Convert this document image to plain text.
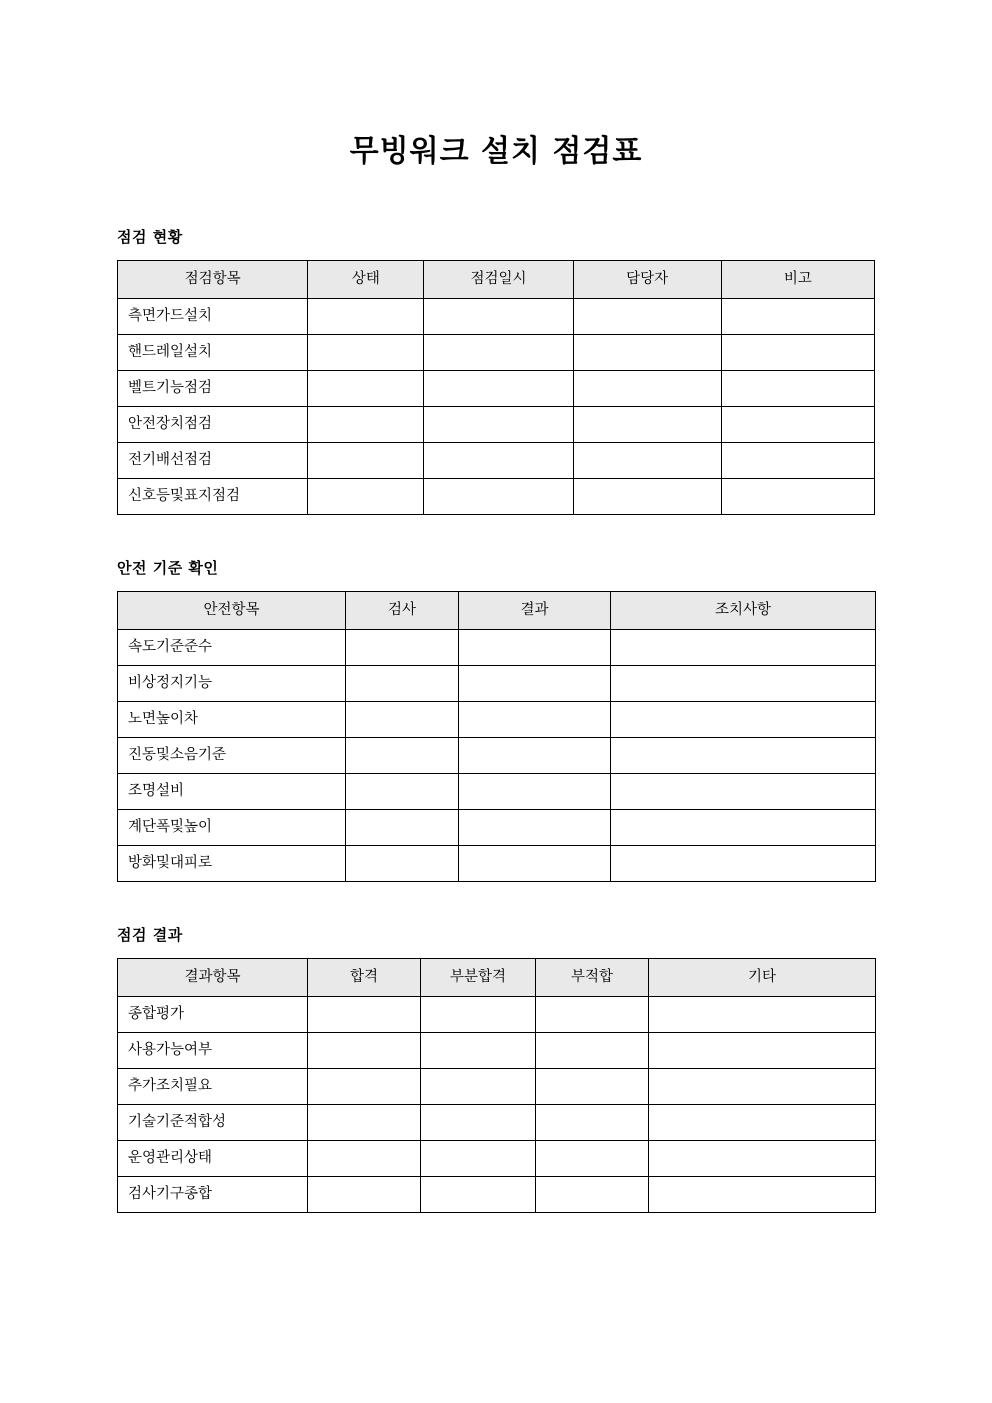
무빙워크 설치 점검표
점검 현황
점검항목	상태	점검일시	담당자	비고
측면가드설치				
핸드레일설치				
벨트기능점검				
안전장치점검				
전기배선점검				
신호등및표지점검				
안전 기준 확인
안전항목	검사	결과	조치사항
속도기준준수			
비상정지기능			
노면높이차			
진동및소음기준			
조명설비			
계단폭및높이			
방화및대피로			
점검 결과
결과항목	합격	부분합격	부적합	기타
종합평가				
사용가능여부				
추가조치필요				
기술기준적합성				
운영관리상태				
검사기구종합				
